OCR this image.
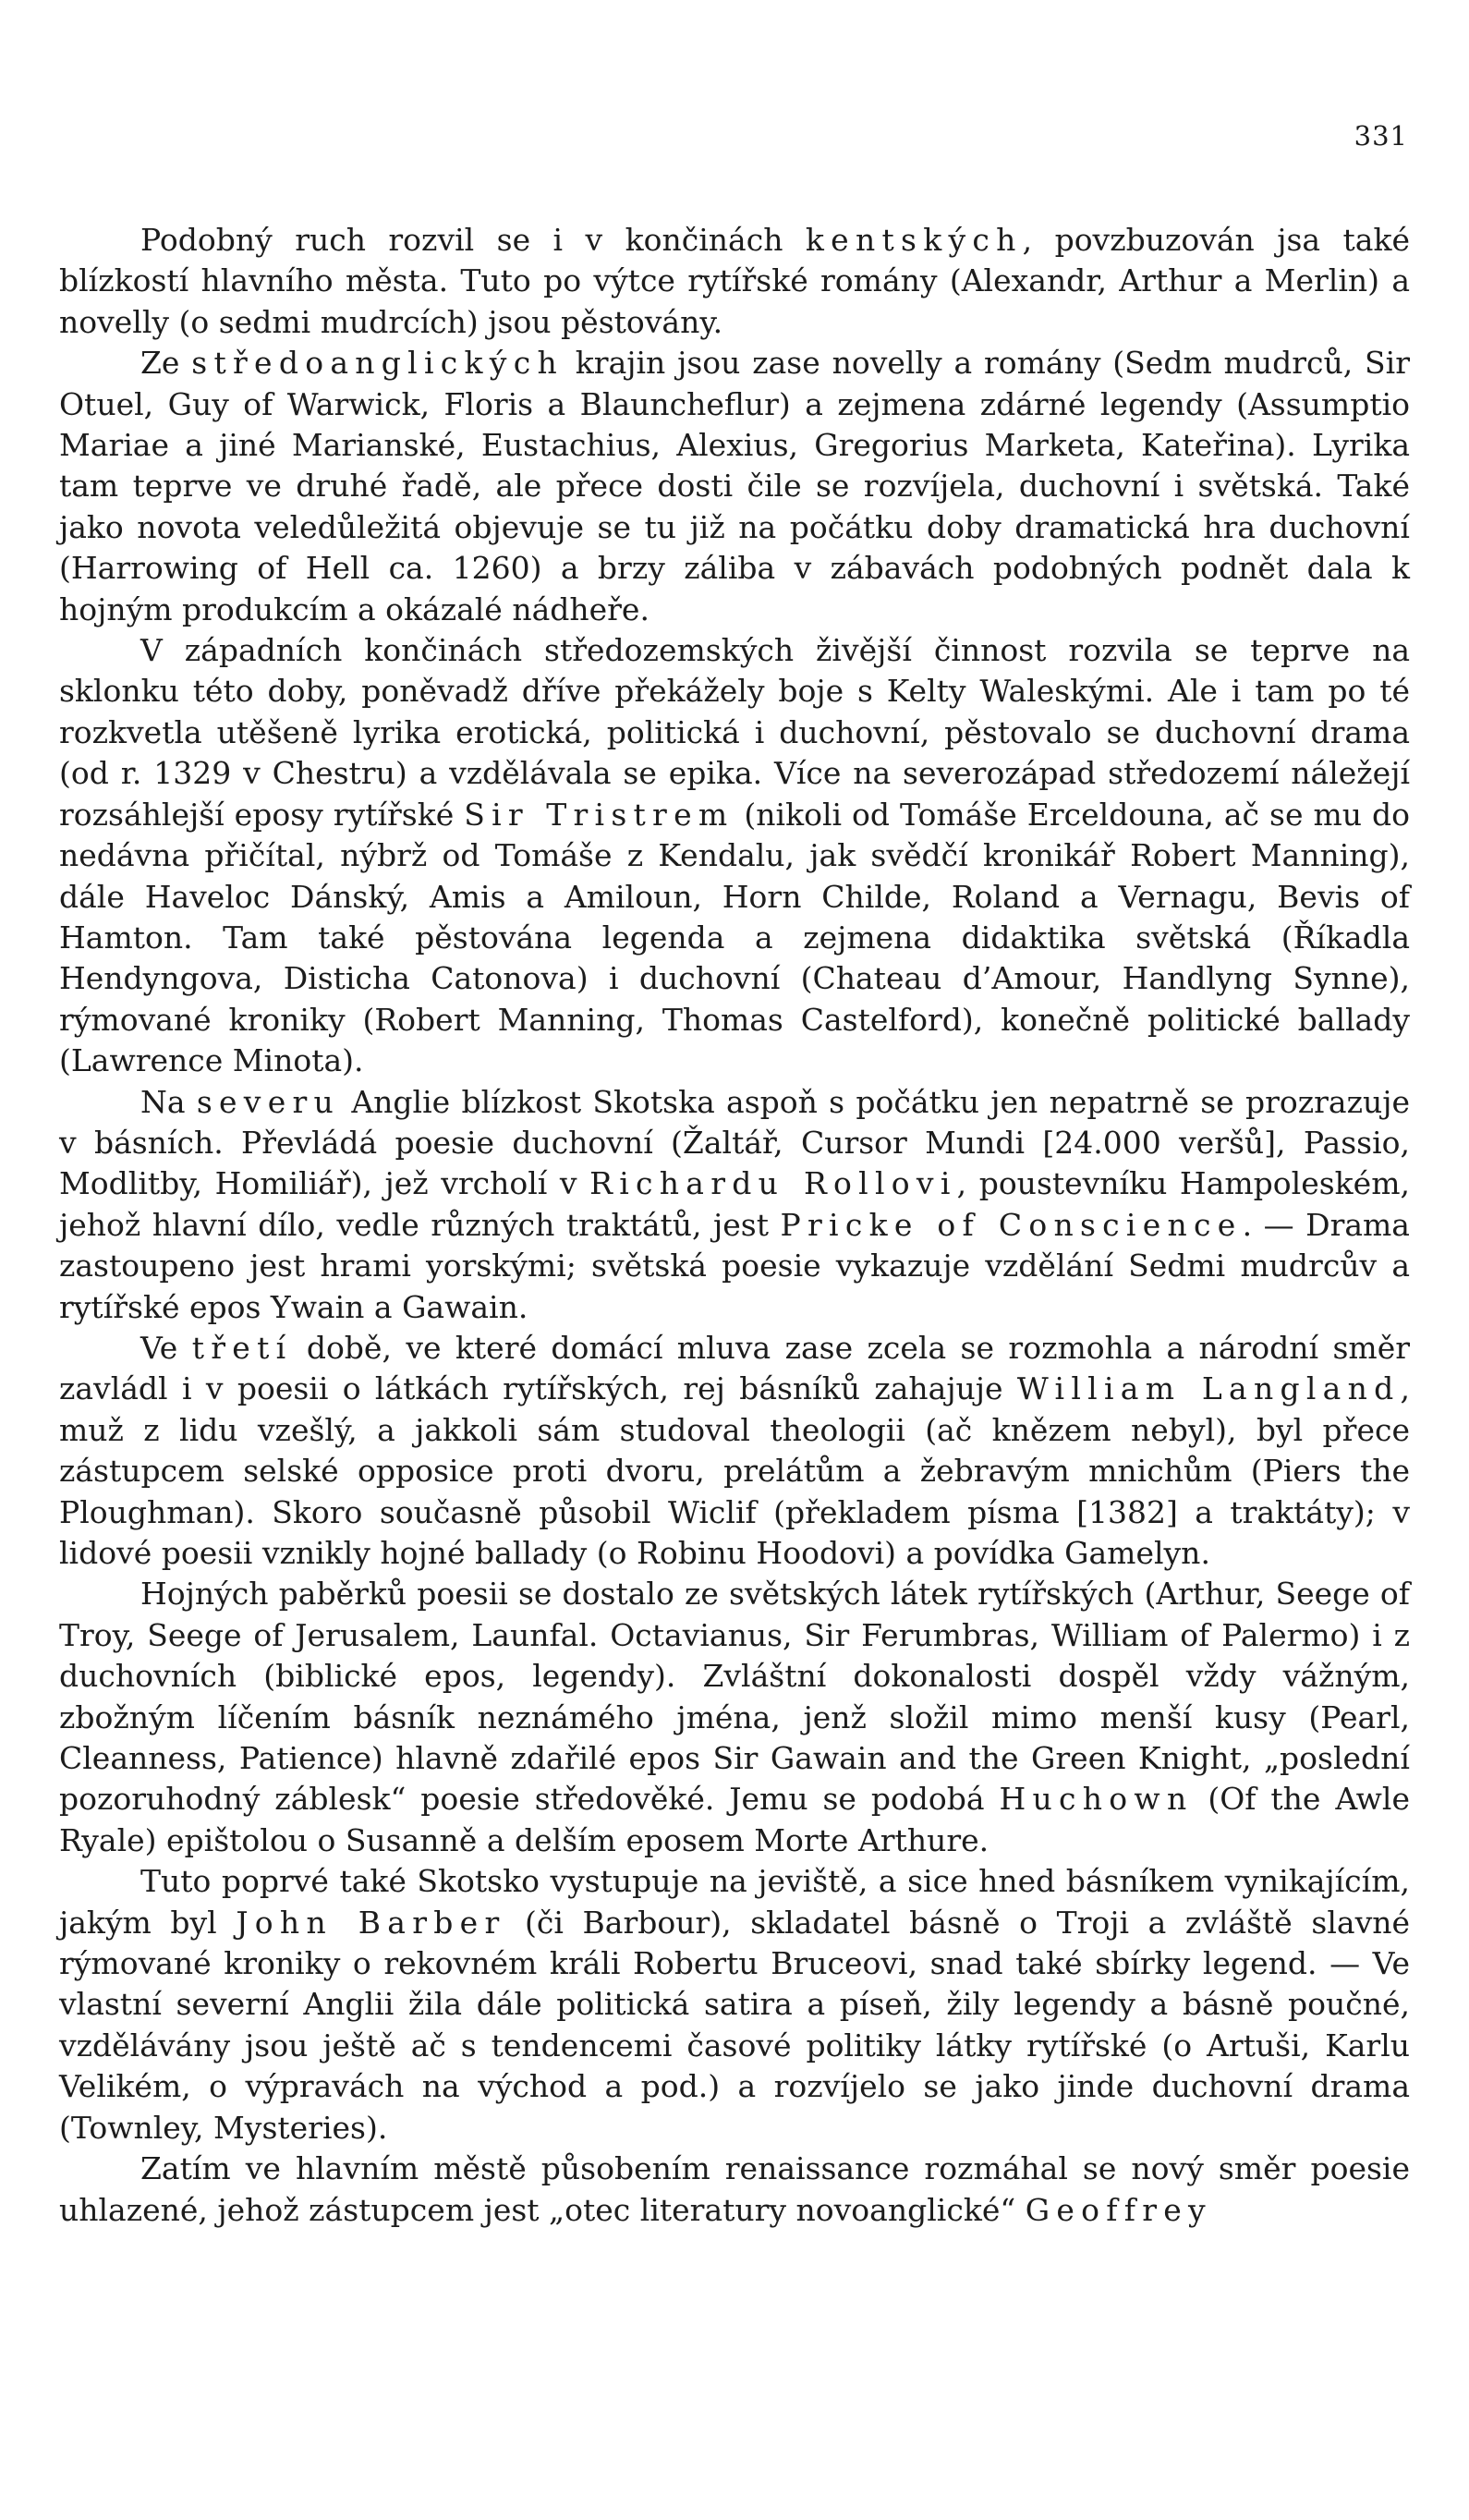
331

Podobný ruch rozvil se i v končinách kentských, povzbuzován jsa také blízkostí hlavního města. Tuto po výtce rytířské romány (Alexandr, Arthur a Merlin) a novelly (o sedmi mudrcích) jsou pěstovány.

Ze středoanglických krajin jsou zase novelly a romány (Sedm mudrců, Sir Otuel, Guy of Warwick, Floris a Blauncheflur) a zejmena zdárné legendy (Assumptio Mariae a jiné Marianské, Eustachius, Alexius, Gregorius Marketa, Kateřina). Lyrika tam teprve ve druhé řadě, ale přece dosti čile se rozvíjela, duchovní i světská. Také jako novota veledůležitá objevuje se tu již na počátku doby dramatická hra duchovní (Harrowing of Hell ca. 1260) a brzy záliba v zábavách podobných podnět dala k hojným produkcím a okázalé nádheře.

V západních končinách středozemských živější činnost rozvila se teprve na sklonku této doby, poněvadž dříve překážely boje s Kelty Waleskými. Ale i tam po té rozkvetla utěšeně lyrika erotická, politická i duchovní, pěstovalo se duchovní drama (od r. 1329 v Chestru) a vzdělávala se epika. Více na severozápad středozemí náležejí rozsáhlejší eposy rytířské Sir Tristrem (nikoli od Tomáše Erceldouna, ač se mu do nedávna přičítal, nýbrž od Tomáše z Kendalu, jak svědčí kronikář Robert Manning), dále Haveloc Dánský, Amis a Amiloun, Horn Childe, Roland a Vernagu, Bevis of Hamton. Tam také pěstována legenda a zejmena didaktika světská (Říkadla Hendyngova, Disticha Catonova) i duchovní (Chateau d’Amour, Handlyng Synne), rýmované kroniky (Robert Manning, Thomas Castelford), konečně politické ballady (Lawrence Minota).

Na severu Anglie blízkost Skotska aspoň s počátku jen nepatrně se prozrazuje v básních. Převládá poesie duchovní (Žaltář, Cursor Mundi [24.000 veršů], Passio, Modlitby, Homiliář), jež vrcholí v Richardu Rollovi, poustevníku Hampoleském, jehož hlavní dílo, vedle různých traktátů, jest Pricke of Conscience. — Drama zastoupeno jest hrami yorskými; světská poesie vykazuje vzdělání Sedmi mudrcův a rytířské epos Ywain a Gawain.

Ve třetí době, ve které domácí mluva zase zcela se rozmohla a národní směr zavládl i v poesii o látkách rytířských, rej básníků zahajuje William Langland, muž z lidu vzešlý, a jakkoli sám studoval theologii (ač knězem nebyl), byl přece zástupcem selské opposice proti dvoru, prelátům a žebravým mnichům (Piers the Ploughman). Skoro současně působil Wiclif (překladem písma [1382] a traktáty); v lidové poesii vznikly hojné ballady (o Robinu Hoodovi) a povídka Gamelyn.

Hojných paběrků poesii se dostalo ze světských látek rytířských (Arthur, Seege of Troy, Seege of Jerusalem, Launfal. Octavianus, Sir Ferumbras, William of Palermo) i z duchovních (biblické epos, legendy). Zvláštní dokonalosti dospěl vždy vážným, zbožným líčením básník neznámého jména, jenž složil mimo menší kusy (Pearl, Cleanness, Patience) hlavně zdařilé epos Sir Gawain and the Green Knight, „poslední pozoruhodný záblesk“ poesie středověké. Jemu se podobá Huchown (Of the Awle Ryale) epištolou o Susanně a delším eposem Morte Arthure.

Tuto poprvé také Skotsko vystupuje na jeviště, a sice hned básníkem vynikajícím, jakým byl John Barber (či Barbour), skladatel básně o Troji a zvláště slavné rýmované kroniky o rekovném králi Robertu Bruceovi, snad také sbírky legend. — Ve vlastní severní Anglii žila dále politická satira a píseň, žily legendy a básně poučné, vzdělávány jsou ještě ač s tendencemi časové politiky látky rytířské (o Artuši, Karlu Velikém, o výpravách na východ a pod.) a rozvíjelo se jako jinde duchovní drama (Townley, Mysteries).

Zatím ve hlavním městě působením renaissance rozmáhal se nový směr poesie uhlazené, jehož zástupcem jest „otec literatury novoanglické“ Geoffrey
